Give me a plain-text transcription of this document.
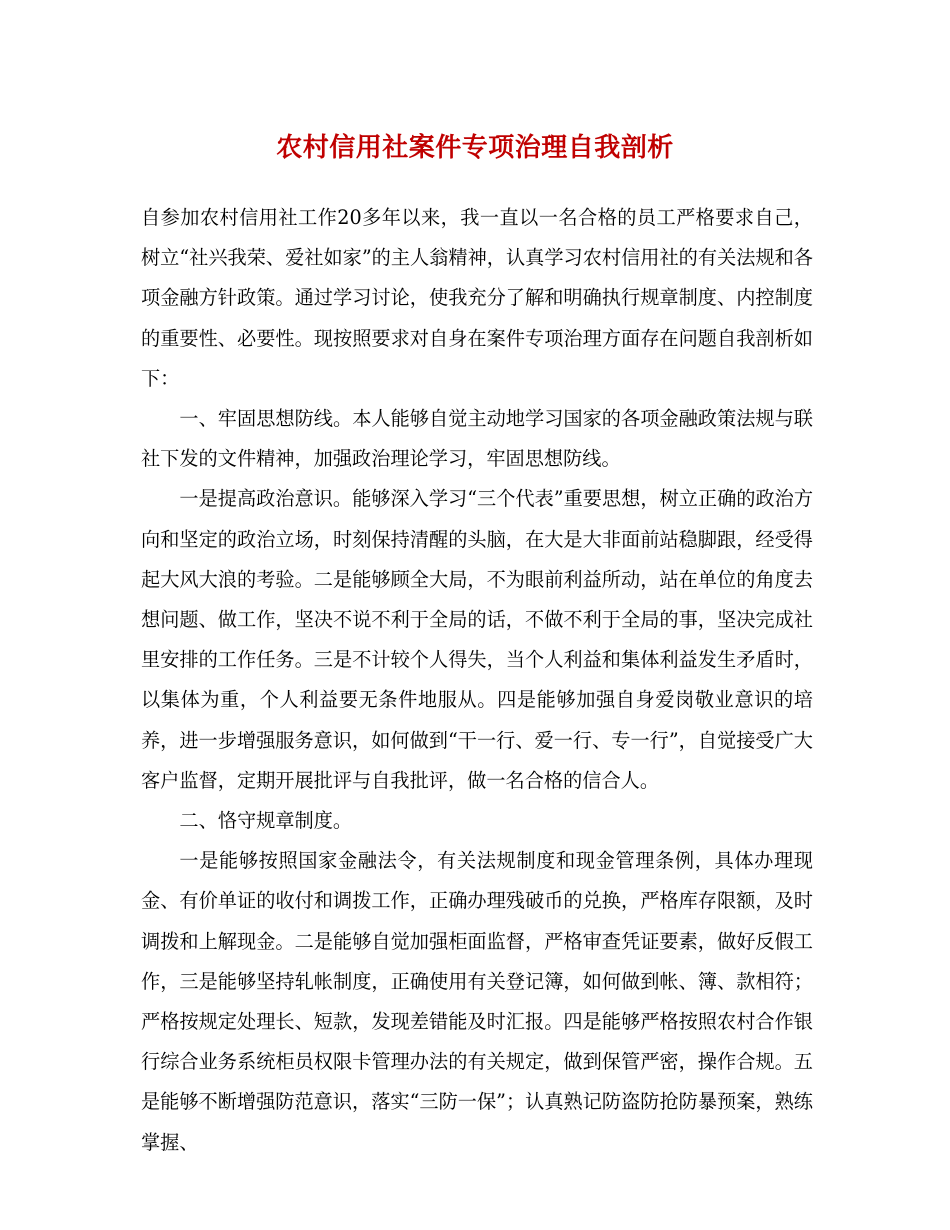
农村信用社案件专项治理自我剖析

自参加农村信用社工作20多年以来，我一直以一名合格的员工严格要求自己，树立“社兴我荣、爱社如家”的主人翁精神，认真学习农村信用社的有关法规和各项金融方针政策。通过学习讨论，使我充分了解和明确执行规章制度、内控制度的重要性、必要性。现按照要求对自身在案件专项治理方面存在问题自我剖析如下：

一、牢固思想防线。本人能够自觉主动地学习国家的各项金融政策法规与联社下发的文件精神，加强政治理论学习，牢固思想防线。

一是提高政治意识。能够深入学习“三个代表”重要思想，树立正确的政治方向和坚定的政治立场，时刻保持清醒的头脑，在大是大非面前站稳脚跟，经受得起大风大浪的考验。二是能够顾全大局，不为眼前利益所动，站在单位的角度去想问题、做工作，坚决不说不利于全局的话，不做不利于全局的事，坚决完成社里安排的工作任务。三是不计较个人得失，当个人利益和集体利益发生矛盾时，以集体为重，个人利益要无条件地服从。四是能够加强自身爱岗敬业意识的培养，进一步增强服务意识，如何做到“干一行、爱一行、专一行”，自觉接受广大客户监督，定期开展批评与自我批评，做一名合格的信合人。

二、恪守规章制度。

一是能够按照国家金融法令，有关法规制度和现金管理条例，具体办理现金、有价单证的收付和调拨工作，正确办理残破币的兑换，严格库存限额，及时调拨和上解现金。二是能够自觉加强柜面监督，严格审查凭证要素，做好反假工作，三是能够坚持轧帐制度，正确使用有关登记簿，如何做到帐、簿、款相符；严格按规定处理长、短款，发现差错能及时汇报。四是能够严格按照农村合作银行综合业务系统柜员权限卡管理办法的有关规定，做到保管严密，操作合规。五是能够不断增强防范意识，落实“三防一保”；认真熟记防盗防抢防暴预案，熟练掌握、
